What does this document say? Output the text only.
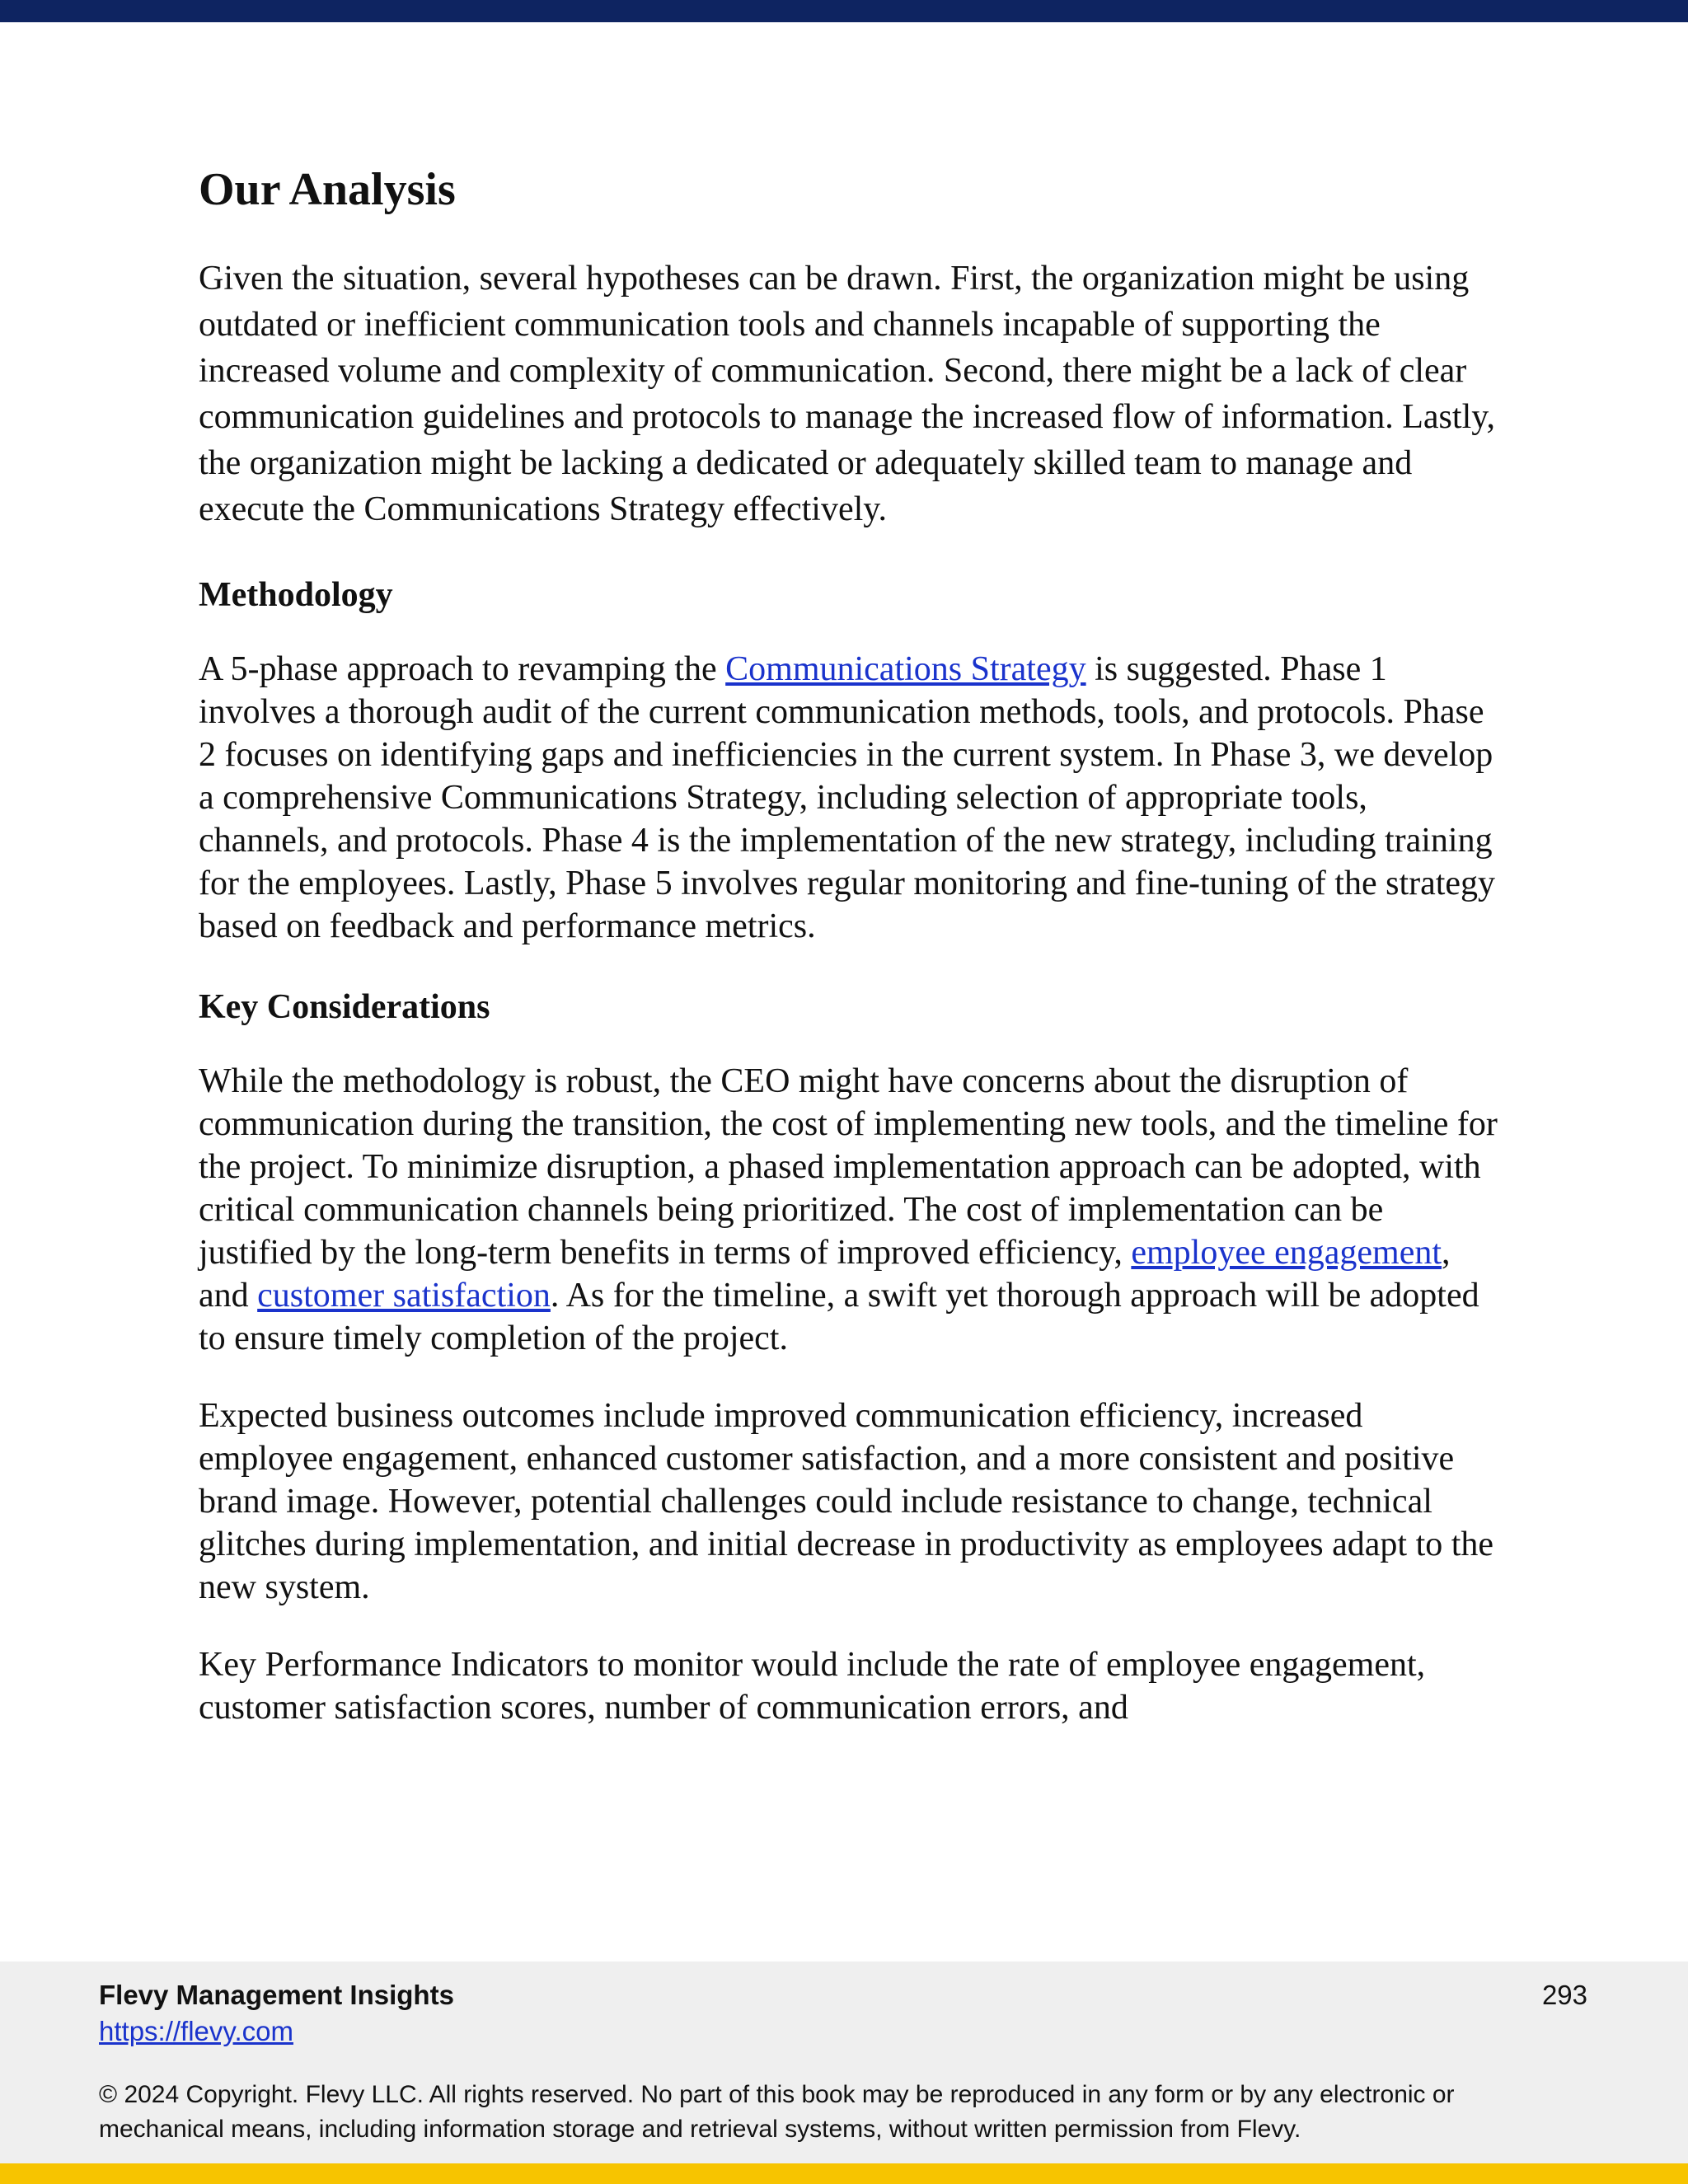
Our Analysis

Given the situation, several hypotheses can be drawn. First, the organization might be using outdated or inefficient communication tools and channels incapable of supporting the increased volume and complexity of communication. Second, there might be a lack of clear communication guidelines and protocols to manage the increased flow of information. Lastly, the organization might be lacking a dedicated or adequately skilled team to manage and execute the Communications Strategy effectively.

Methodology

A 5-phase approach to revamping the Communications Strategy is suggested. Phase 1 involves a thorough audit of the current communication methods, tools, and protocols. Phase 2 focuses on identifying gaps and inefficiencies in the current system. In Phase 3, we develop a comprehensive Communications Strategy, including selection of appropriate tools, channels, and protocols. Phase 4 is the implementation of the new strategy, including training for the employees. Lastly, Phase 5 involves regular monitoring and fine-tuning of the strategy based on feedback and performance metrics.

Key Considerations

While the methodology is robust, the CEO might have concerns about the disruption of communication during the transition, the cost of implementing new tools, and the timeline for the project. To minimize disruption, a phased implementation approach can be adopted, with critical communication channels being prioritized. The cost of implementation can be justified by the long-term benefits in terms of improved efficiency, employee engagement, and customer satisfaction. As for the timeline, a swift yet thorough approach will be adopted to ensure timely completion of the project.

Expected business outcomes include improved communication efficiency, increased employee engagement, enhanced customer satisfaction, and a more consistent and positive brand image. However, potential challenges could include resistance to change, technical glitches during implementation, and initial decrease in productivity as employees adapt to the new system.

Key Performance Indicators to monitor would include the rate of employee engagement, customer satisfaction scores, number of communication errors, and

Flevy Management Insights
https://flevy.com
293
© 2024 Copyright. Flevy LLC. All rights reserved. No part of this book may be reproduced in any form or by any electronic or mechanical means, including information storage and retrieval systems, without written permission from Flevy.
